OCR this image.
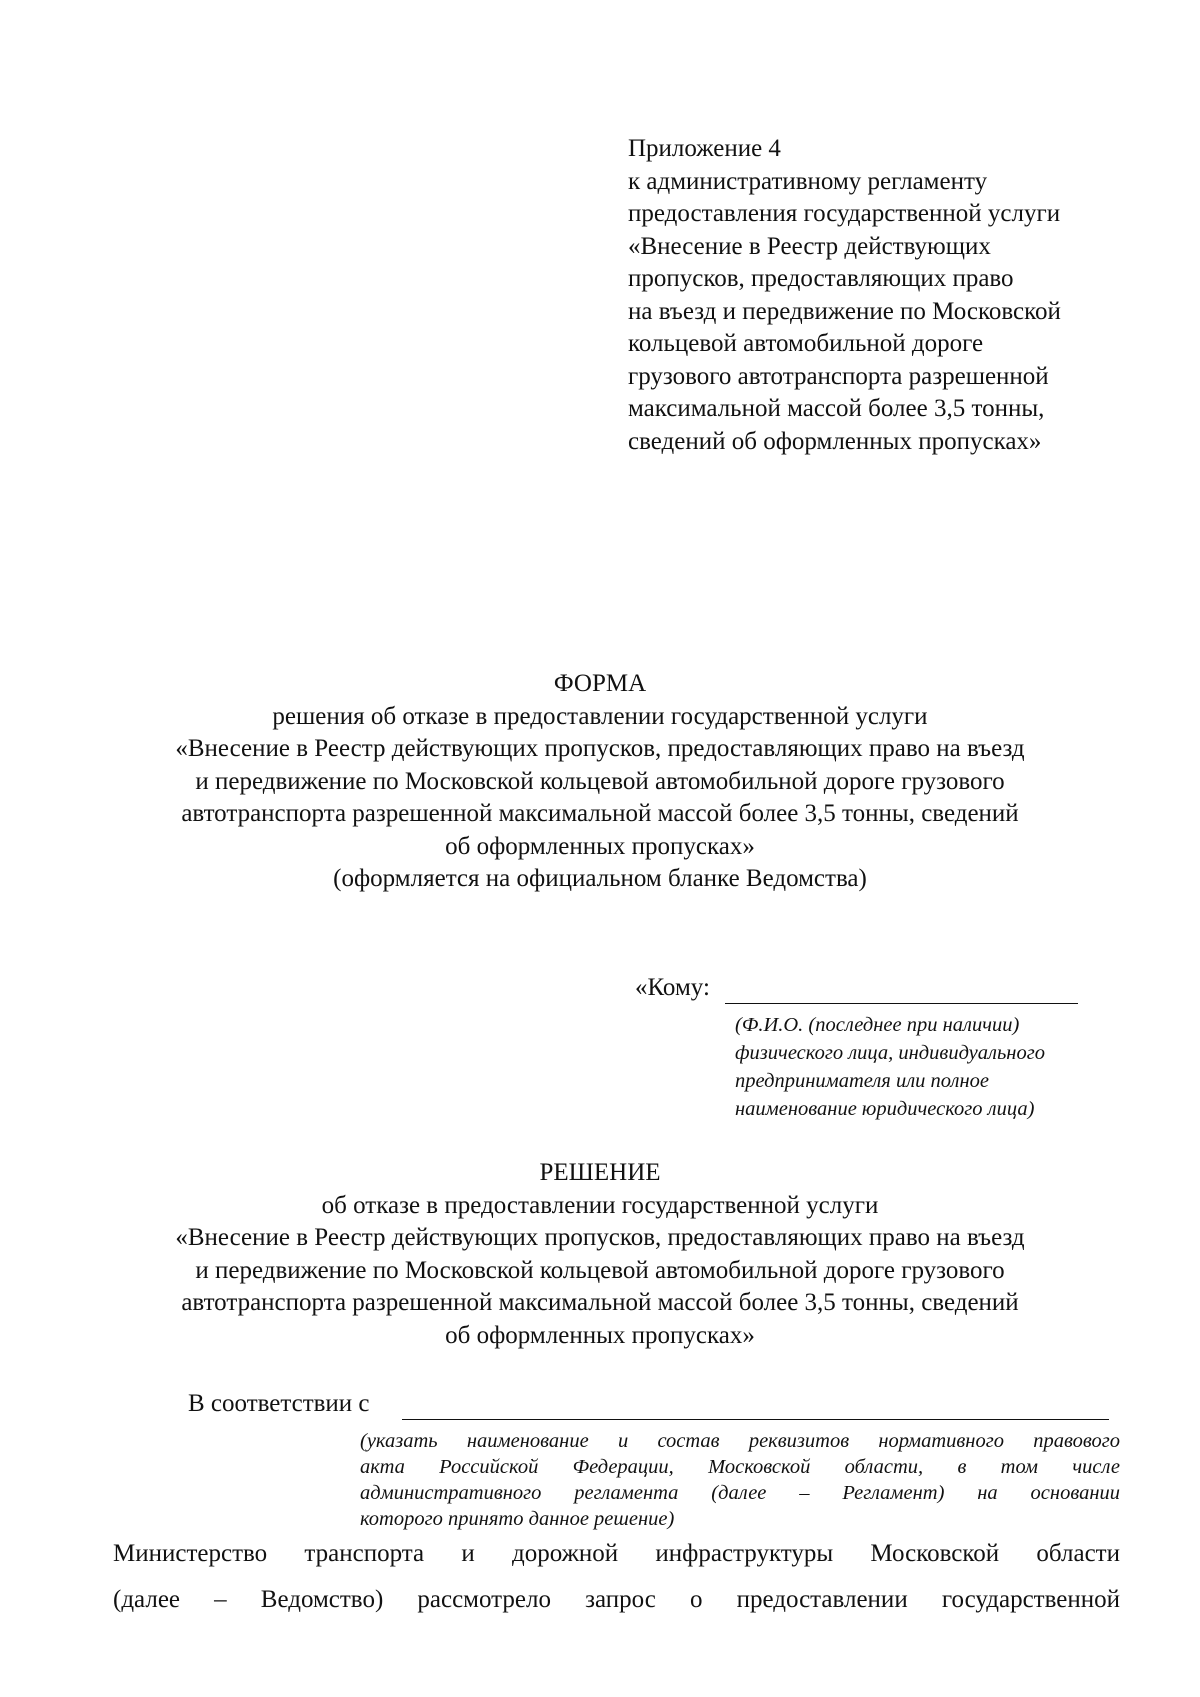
Приложение 4
к административному регламенту
предоставления государственной услуги
«Внесение в Реестр действующих
пропусков, предоставляющих право
на въезд и передвижение по Московской
кольцевой автомобильной дороге
грузового автотранспорта разрешенной
максимальной массой более 3,5 тонны,
сведений об оформленных пропусках»
ФОРМА
решения об отказе в предоставлении государственной услуги
«Внесение в Реестр действующих пропусков, предоставляющих право на въезд
и передвижение по Московской кольцевой автомобильной дороге грузового
автотранспорта разрешенной максимальной массой более 3,5 тонны, сведений
об оформленных пропусках»
(оформляется на официальном бланке Ведомства)
«Кому:
(Ф.И.О. (последнее при наличии)
физического лица, индивидуального
предпринимателя или полное
наименование юридического лица)
РЕШЕНИЕ
об отказе в предоставлении государственной услуги
«Внесение в Реестр действующих пропусков, предоставляющих право на въезд
и передвижение по Московской кольцевой автомобильной дороге грузового
автотранспорта разрешенной максимальной массой более 3,5 тонны, сведений
об оформленных пропусках»
В соответствии с
(указать наименование и состав реквизитов нормативного правового
акта Российской Федерации, Московской области, в том числе
административного регламента (далее – Регламент) на основании
которого принято данное решение)
Министерство транспорта и дорожной инфраструктуры Московской области
(далее – Ведомство) рассмотрело запрос о предоставлении государственной
